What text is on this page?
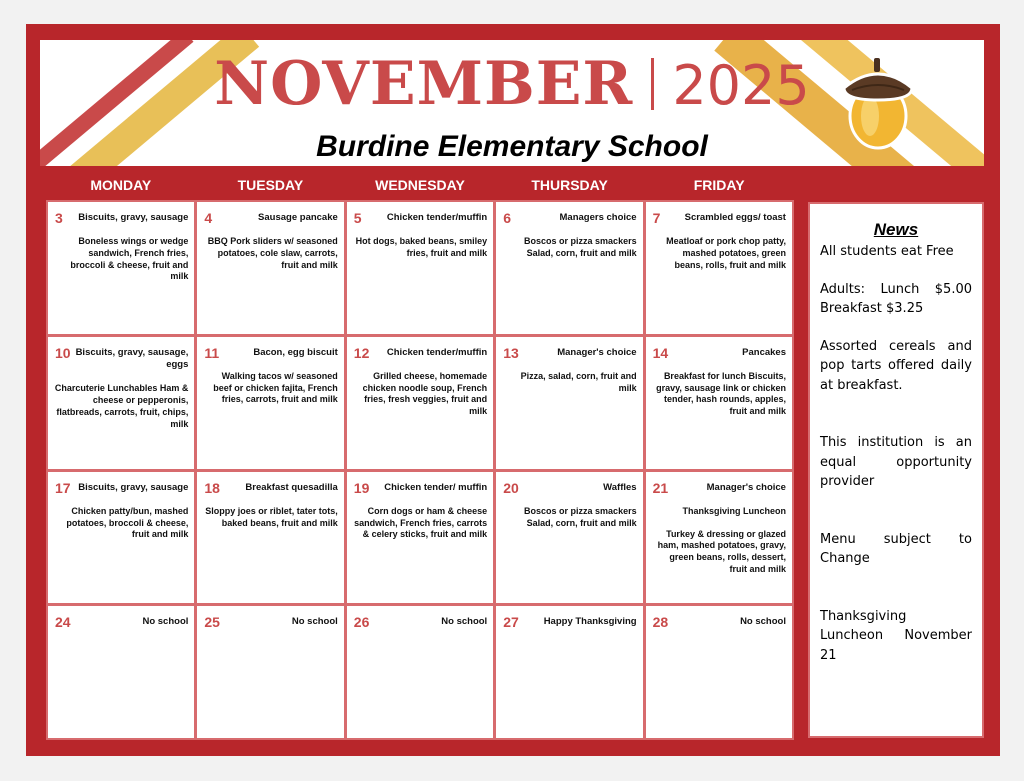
NOVEMBER 2025
Burdine Elementary School
MONDAY	TUESDAY	WEDNESDAY	THURSDAY	FRIDAY
3	Biscuits, gravy, sausage
Boneless wings or wedge sandwich, French fries, broccoli & cheese, fruit and milk
4	Sausage pancake
BBQ Pork sliders w/ seasoned potatoes, cole slaw, carrots, fruit and milk
5	Chicken tender/muffin
Hot dogs, baked beans, smiley fries, fruit and milk
6	Managers choice
Boscos or pizza smackers Salad, corn, fruit and milk
7	Scrambled eggs/ toast
Meatloaf or pork chop patty, mashed potatoes, green beans, rolls, fruit and milk
10 Biscuits, gravy, sausage, eggs
Charcuterie Lunchables Ham & cheese or pepperonis, flatbreads, carrots, fruit, chips, milk
11	Bacon, egg biscuit
Walking tacos w/ seasoned beef or chicken fajita, French fries, carrots, fruit and milk
12	Chicken tender/muffin
Grilled cheese, homemade chicken noodle soup, French fries, fresh veggies, fruit and milk
13	Manager's choice
Pizza, salad, corn, fruit and milk
14	Pancakes
Breakfast for lunch Biscuits, gravy, sausage link or chicken tender, hash rounds, apples, fruit and milk
17 Biscuits, gravy, sausage
Chicken patty/bun, mashed potatoes, broccoli & cheese, fruit and milk
18	Breakfast quesadilla
Sloppy joes or riblet, tater tots, baked beans, fruit and milk
19	Chicken tender/ muffin
Corn dogs or ham & cheese sandwich, French fries, carrots & celery sticks, fruit and milk
20	Waffles
Boscos or pizza smackers Salad, corn, fruit and milk
21	Manager's choice
Thanksgiving Luncheon
Turkey & dressing or glazed ham, mashed potatoes, gravy, green beans, rolls, dessert, fruit and milk
24	No school 25	No school 26	No school 27	Happy Thanksgiving 28	No school
News

All students eat Free

Adults: Lunch $5.00 Breakfast $3.25

Assorted cereals and pop tarts offered daily at breakfast.

This institution is an equal opportunity provider

Menu subject to Change

Thanksgiving Luncheon November 21
